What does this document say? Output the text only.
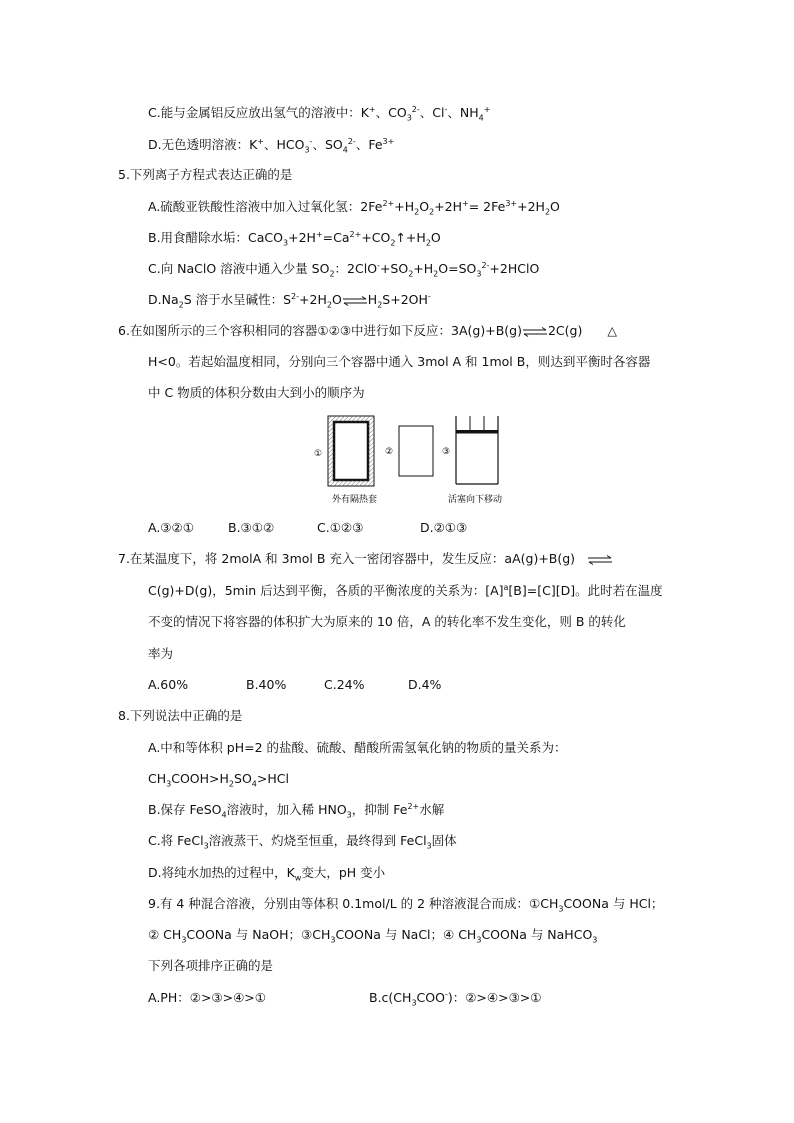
C.能与金属铝反应放出氢气的溶液中：K+、$CO_3^{2-}$、Cl-、$NH_4^+$
D.无色透明溶液：K+、$HCO_3^-$、$SO_4^{2-}$、$Fe^{3+}$
5.下列离子方程式表达正确的是
A.硫酸亚铁酸性溶液中加入过氧化氢：$2Fe^{2+}+H_2O_2+2H^+= 2Fe^{3+}+2H_2O$
B.用食醋除水垢：$CaCO_3+2H^+=Ca^{2+}+CO_2↑+H_2O$
C.向 NaClO 溶液中通入少量 $SO_2$：$2ClO^-+SO_2+H_2O=SO_3^{2-}+2HClO$
$D.Na_2S$ 溶于水呈碱性：$S^{2-}+2H_2O\rightleftharpoons H_2S+2OH^-$
6.在如图所示的三个容积相同的容器①②③中进行如下反应：3A(g)+B(g)⇌2C(g)　　△
H<0。若起始温度相同，分别向三个容器中通入 3mol A 和 1mol B，则达到平衡时各容器
中 C 物质的体积分数由大到小的顺序为
①
外有隔热套
②	③
活塞向下移动
A.③②①	B.③①②	C.①②③	D.②①③
7.在某温度下，将 2molA 和 3mol B 充入一密闭容器中，发生反应：aA(g)+B(g) ⇌
C(g)+D(g)，5min 后达到平衡，各质的平衡浓度的关系为：$[A]^a[B]=[C][D]$。此时若在温度
不变的情况下将容器的体积扩大为原来的 10 倍，A 的转化率不发生变化，则 B 的转化
率为
A.60%	B.40%	C.24%	D.4%
8.下列说法中正确的是
A.中和等体积 pH=2 的盐酸、硫酸、醋酸所需氢氧化钠的物质的量关系为：
$CH_3COOH>H_2SO_4>HCl$
B.保存 FeSO$_4$溶液时，加入稀 $HNO_3$，抑制 $Fe^{2+}$水解
C.将 FeCl$_3$溶液蒸干、灼烧至恒重，最终得到 FeCl$_3$固体
D.将纯水加热的过程中，$K_w$变大，pH 变小
9.有 4 种混合溶液，分别由等体积 0.1mol/L 的 2 种溶液混合而成：$①CH_3COONa$ 与 HCl；
② $CH_3COONa$ 与 NaOH；$③CH_3COONa$ 与 NaCl；④ $CH_3COONa$ 与 NaHCO$_3$
下列各项排序正确的是
A.PH：②>③>④>①	$B.c(CH_3COO^-)$：②>④>③>①
